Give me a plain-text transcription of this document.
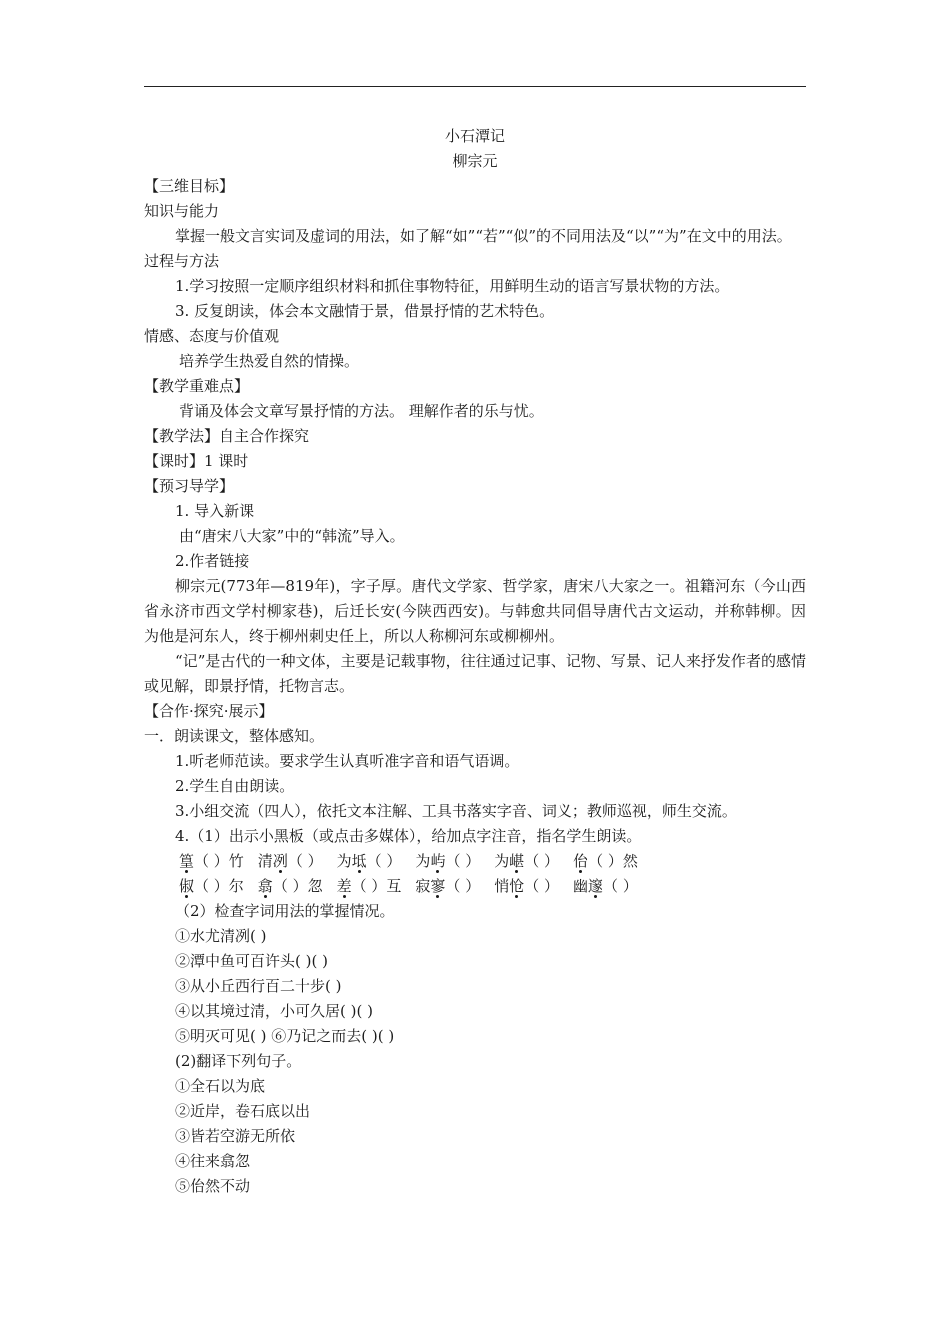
小石潭记
柳宗元
【三维目标】
知识与能力
掌握一般文言实词及虚词的用法，如了解“如”“若”“似”的不同用法及“以”“为”在文中的用法。
过程与方法
1.学习按照一定顺序组织材料和抓住事物特征，用鲜明生动的语言写景状物的方法。
3. 反复朗读，体会本文融情于景，借景抒情的艺术特色。
情感、态度与价值观
培养学生热爱自然的情操。
【教学重难点】
背诵及体会文章写景抒情的方法。 理解作者的乐与忧。
【教学法】自主合作探究
【课时】1 课时
【预习导学】
1. 导入新课
由“唐宋八大家”中的“韩流”导入。
2.作者链接
柳宗元(773年—819年)，字子厚。唐代文学家、哲学家，唐宋八大家之一。祖籍河东（今山西省永济市西文学村柳家巷)，后迁长安(今陕西西安)。与韩愈共同倡导唐代古文运动，并称韩柳。因为他是河东人，终于柳州刺史任上，所以人称柳河东或柳柳州。
“记”是古代的一种文体，主要是记载事物，往往通过记事、记物、写景、记人来抒发作者的感情或见解，即景抒情，托物言志。
【合作·探究·展示】
一．朗读课文，整体感知。
1.听老师范读。要求学生认真听准字音和语气语调。
2.学生自由朗读。
3.小组交流（四人），依托文本注解、工具书落实字音、词义；教师巡视，师生交流。
4.（1）出示小黑板（或点击多媒体），给加点字注音，指名学生朗读。
篁（ ）竹 清冽（ ） 为坻（ ） 为屿（ ） 为嵁（ ） 佁（ ）然
俶（ ）尔 翕（ ）忽 差（ ）互 寂寥（ ） 悄怆（ ） 幽邃（ ）
（2）检查字词用法的掌握情况。
①水尤清冽( )
②潭中鱼可百许头( )( )
③从小丘西行百二十步( )
④以其境过清，小可久居( )( )
⑤明灭可见( ) ⑥乃记之而去( )( )
(2)翻译下列句子。
①全石以为底
②近岸，卷石底以出
③皆若空游无所依
④往来翕忽
⑤佁然不动
